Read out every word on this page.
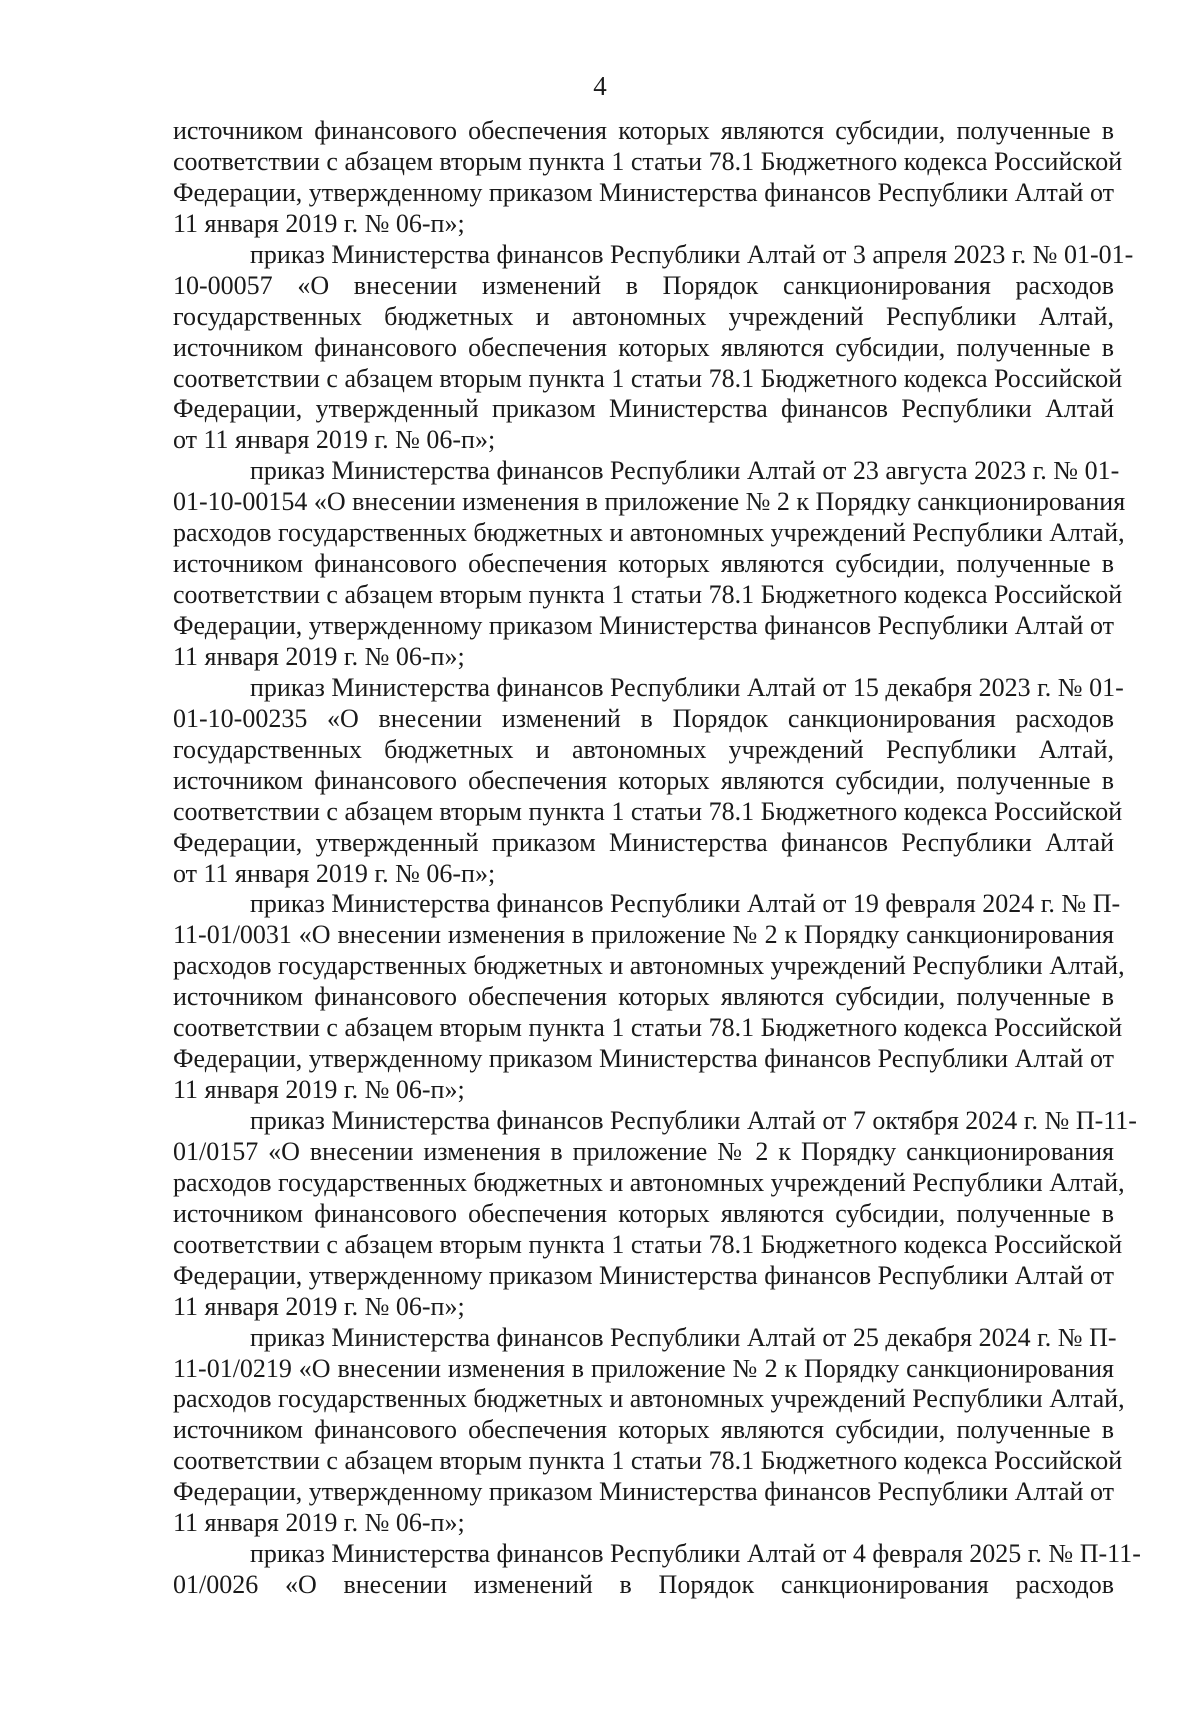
4
источником финансового обеспечения которых являются субсидии, полученные в
соответствии с абзацем вторым пункта 1 статьи 78.1 Бюджетного кодекса Российской
Федерации, утвержденному приказом Министерства финансов Республики Алтай от
11 января 2019 г. № 06-п»;
приказ Министерства финансов Республики Алтай от 3 апреля 2023 г. № 01-01-
10-00057 «О внесении изменений в Порядок санкционирования расходов
государственных бюджетных и автономных учреждений Республики Алтай,
источником финансового обеспечения которых являются субсидии, полученные в
соответствии с абзацем вторым пункта 1 статьи 78.1 Бюджетного кодекса Российской
Федерации, утвержденный приказом Министерства финансов Республики Алтай
от 11 января 2019 г. № 06-п»;
приказ Министерства финансов Республики Алтай от 23 августа 2023 г. № 01-
01-10-00154 «О внесении изменения в приложение № 2 к Порядку санкционирования
расходов государственных бюджетных и автономных учреждений Республики Алтай,
источником финансового обеспечения которых являются субсидии, полученные в
соответствии с абзацем вторым пункта 1 статьи 78.1 Бюджетного кодекса Российской
Федерации, утвержденному приказом Министерства финансов Республики Алтай от
11 января 2019 г. № 06-п»;
приказ Министерства финансов Республики Алтай от 15 декабря 2023 г. № 01-
01-10-00235 «О внесении изменений в Порядок санкционирования расходов
государственных бюджетных и автономных учреждений Республики Алтай,
источником финансового обеспечения которых являются субсидии, полученные в
соответствии с абзацем вторым пункта 1 статьи 78.1 Бюджетного кодекса Российской
Федерации, утвержденный приказом Министерства финансов Республики Алтай
от 11 января 2019 г. № 06-п»;
приказ Министерства финансов Республики Алтай от 19 февраля 2024 г. № П-
11-01/0031 «О внесении изменения в приложение № 2 к Порядку санкционирования
расходов государственных бюджетных и автономных учреждений Республики Алтай,
источником финансового обеспечения которых являются субсидии, полученные в
соответствии с абзацем вторым пункта 1 статьи 78.1 Бюджетного кодекса Российской
Федерации, утвержденному приказом Министерства финансов Республики Алтай от
11 января 2019 г. № 06-п»;
приказ Министерства финансов Республики Алтай от 7 октября 2024 г. № П-11-
01/0157 «О внесении изменения в приложение № 2 к Порядку санкционирования
расходов государственных бюджетных и автономных учреждений Республики Алтай,
источником финансового обеспечения которых являются субсидии, полученные в
соответствии с абзацем вторым пункта 1 статьи 78.1 Бюджетного кодекса Российской
Федерации, утвержденному приказом Министерства финансов Республики Алтай от
11 января 2019 г. № 06-п»;
приказ Министерства финансов Республики Алтай от 25 декабря 2024 г. № П-
11-01/0219 «О внесении изменения в приложение № 2 к Порядку санкционирования
расходов государственных бюджетных и автономных учреждений Республики Алтай,
источником финансового обеспечения которых являются субсидии, полученные в
соответствии с абзацем вторым пункта 1 статьи 78.1 Бюджетного кодекса Российской
Федерации, утвержденному приказом Министерства финансов Республики Алтай от
11 января 2019 г. № 06-п»;
приказ Министерства финансов Республики Алтай от 4 февраля 2025 г. № П-11-
01/0026 «О внесении изменений в Порядок санкционирования расходов
